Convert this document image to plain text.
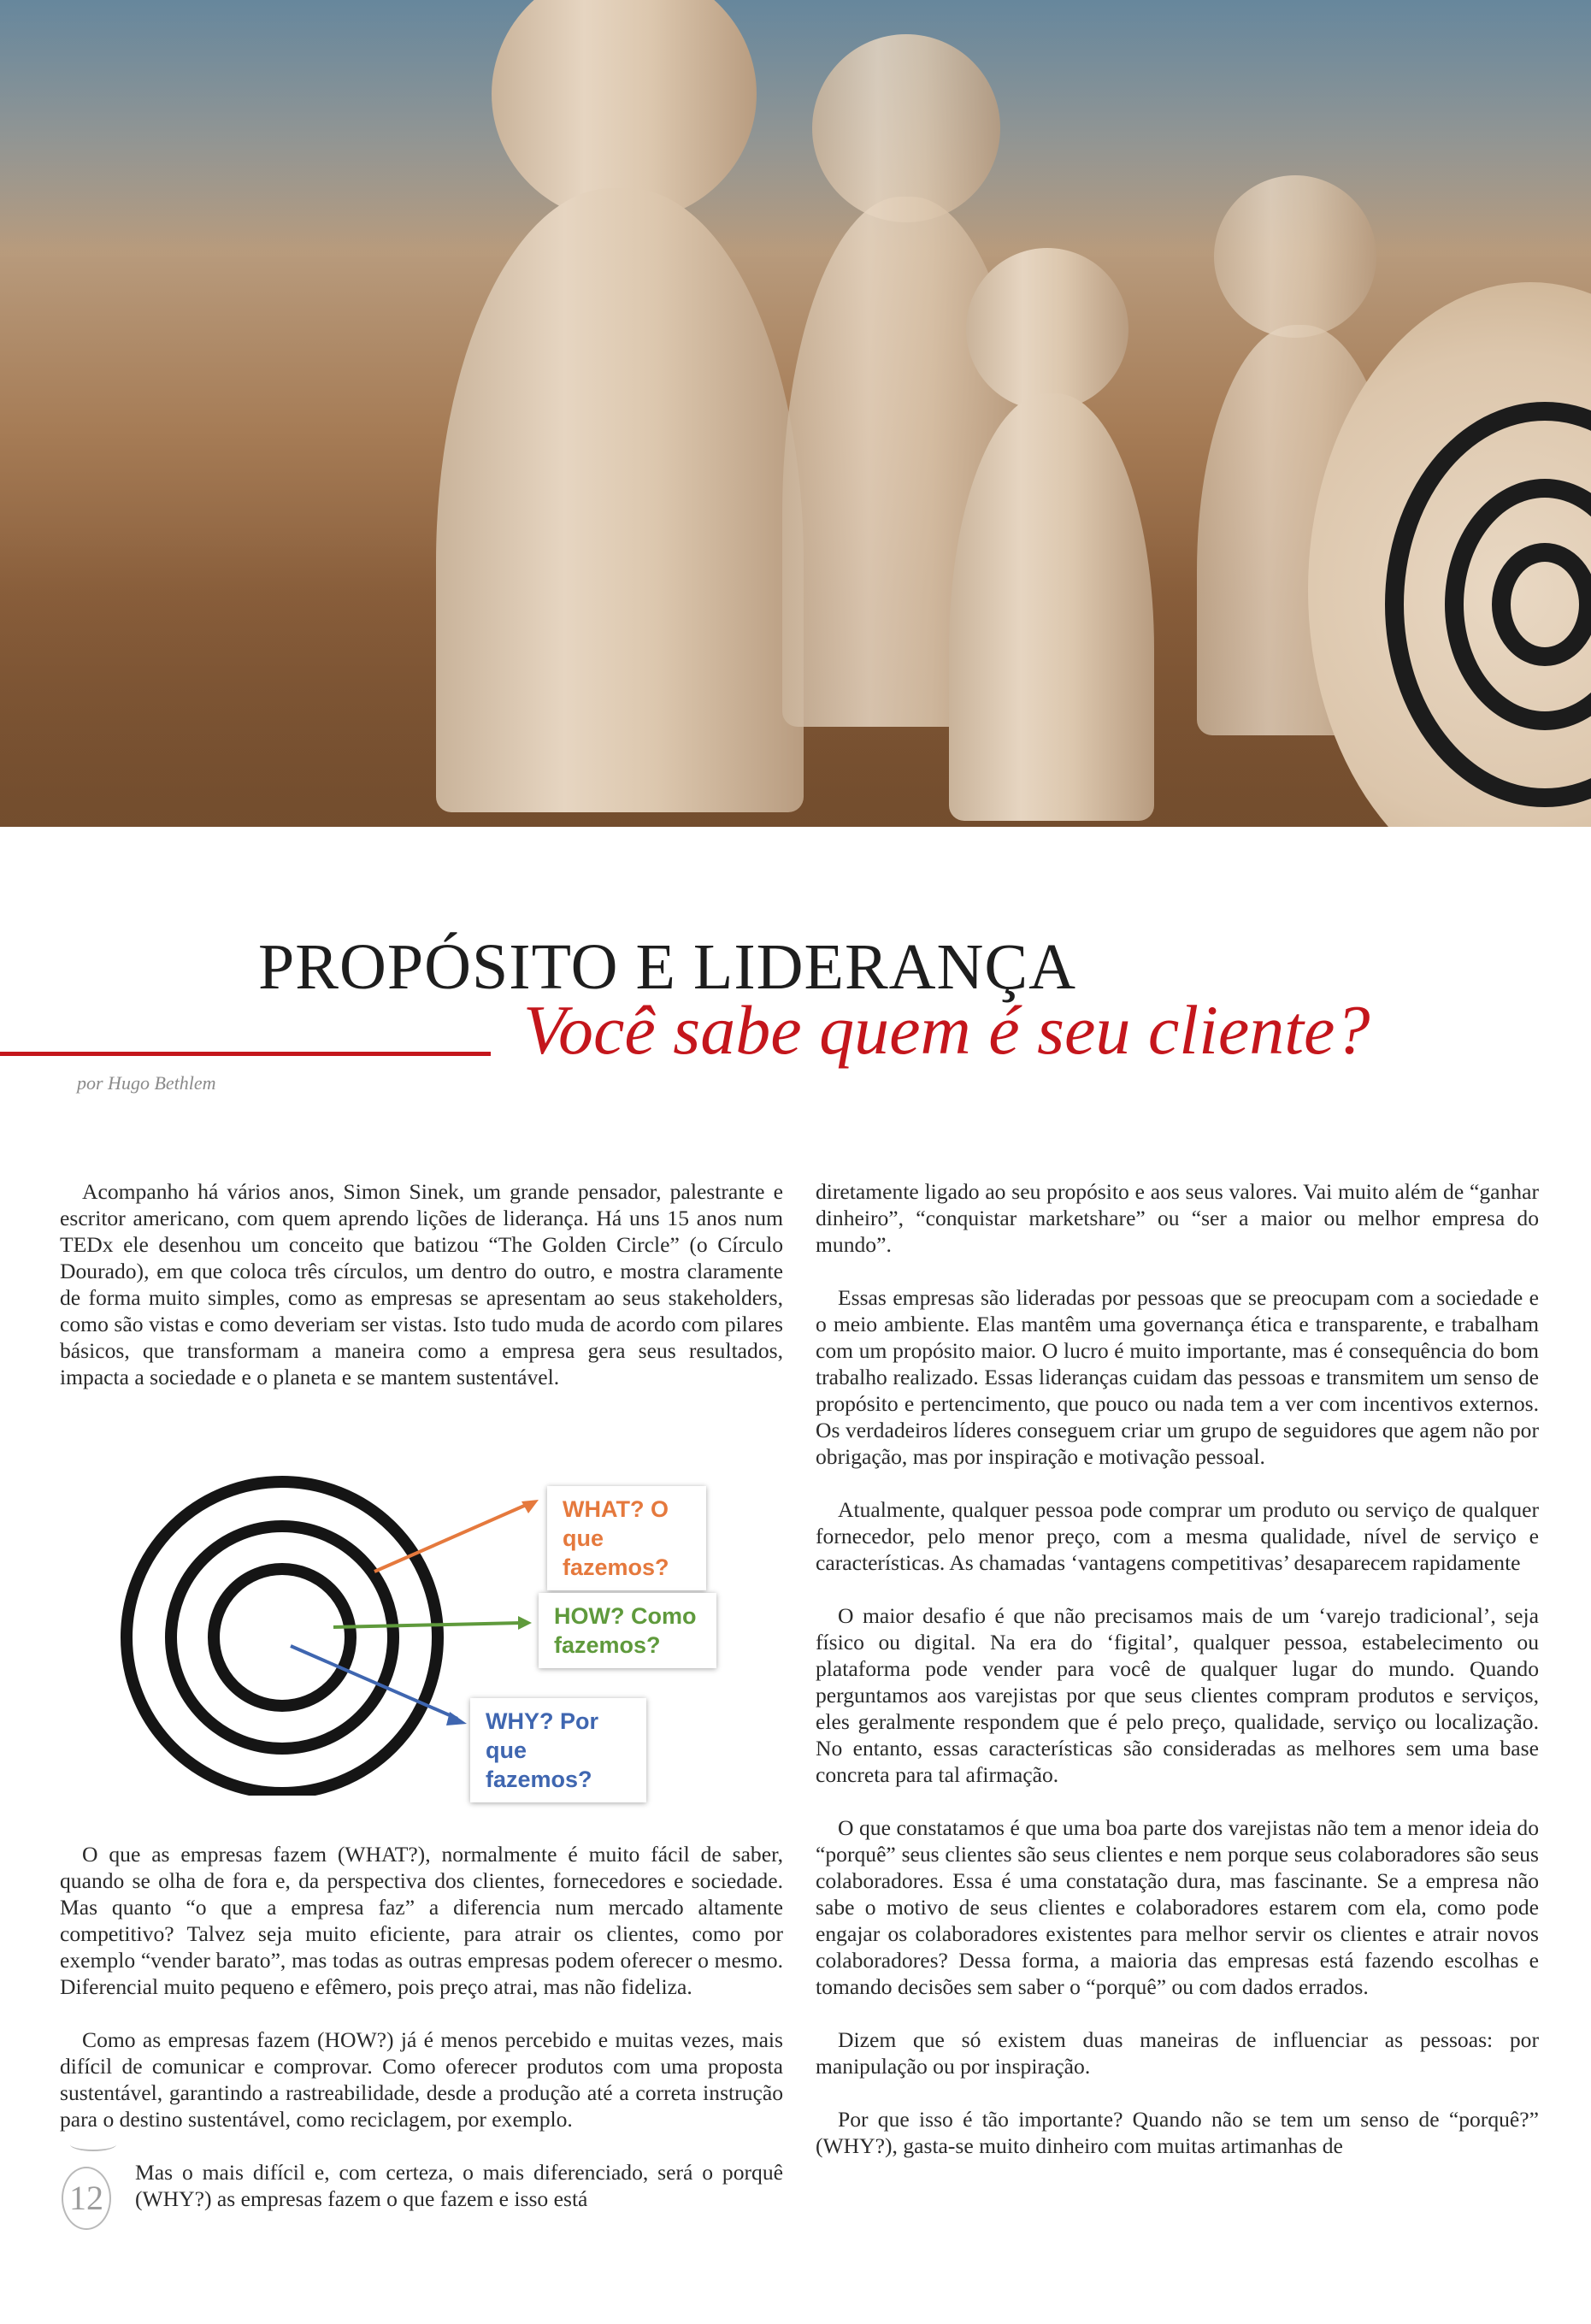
PROPÓSITO E LIDERANÇA
Você sabe quem é seu cliente?
por Hugo Bethlem

Acompanho há vários anos, Simon Sinek, um grande pensador, palestrante e escritor americano, com quem aprendo lições de liderança. Há uns 15 anos num TEDx ele desenhou um conceito que batizou “The Golden Circle” (o Círculo Dourado), em que coloca três círculos, um dentro do outro, e mostra claramente de forma muito simples, como as empresas se apresentam ao seus stakeholders, como são vistas e como deveriam ser vistas. Isto tudo muda de acordo com pilares básicos, que transformam a maneira como a empresa gera seus resultados, impacta a sociedade e o planeta e se mantem sustentável.

WHAT? O que fazemos?
HOW? Como fazemos?
WHY? Por que fazemos?

O que as empresas fazem (WHAT?), normalmente é muito fácil de saber, quando se olha de fora e, da perspectiva dos clientes, fornecedores e sociedade. Mas quanto “o que a empresa faz” a diferencia num mercado altamente competitivo? Talvez seja muito eficiente, para atrair os clientes, como por exemplo “vender barato”, mas todas as outras empresas podem oferecer o mesmo. Diferencial muito pequeno e efêmero, pois preço atrai, mas não fideliza.

Como as empresas fazem (HOW?) já é menos percebido e muitas vezes, mais difícil de comunicar e comprovar. Como oferecer produtos com uma proposta sustentável, garantindo a rastreabilidade, desde a produção até a correta instrução para o destino sustentável, como reciclagem, por exemplo.

Mas o mais difícil e, com certeza, o mais diferenciado, será o porquê (WHY?) as empresas fazem o que fazem e isso está

diretamente ligado ao seu propósito e aos seus valores. Vai muito além de “ganhar dinheiro”, “conquistar marketshare” ou “ser a maior ou melhor empresa do mundo”.

Essas empresas são lideradas por pessoas que se preocupam com a sociedade e o meio ambiente. Elas mantêm uma governança ética e transparente, e trabalham com um propósito maior. O lucro é muito importante, mas é consequência do bom trabalho realizado. Essas lideranças cuidam das pessoas e transmitem um senso de propósito e pertencimento, que pouco ou nada tem a ver com incentivos externos. Os verdadeiros líderes conseguem criar um grupo de seguidores que agem não por obrigação, mas por inspiração e motivação pessoal.

Atualmente, qualquer pessoa pode comprar um produto ou serviço de qualquer fornecedor, pelo menor preço, com a mesma qualidade, nível de serviço e características. As chamadas ‘vantagens competitivas’ desaparecem rapidamente

O maior desafio é que não precisamos mais de um ‘varejo tradicional’, seja físico ou digital. Na era do ‘figital’, qualquer pessoa, estabelecimento ou plataforma pode vender para você de qualquer lugar do mundo. Quando perguntamos aos varejistas por que seus clientes compram produtos e serviços, eles geralmente respondem que é pelo preço, qualidade, serviço ou localização. No entanto, essas características são consideradas as melhores sem uma base concreta para tal afirmação.

O que constatamos é que uma boa parte dos varejistas não tem a menor ideia do “porquê” seus clientes são seus clientes e nem porque seus colaboradores são seus colaboradores. Essa é uma constatação dura, mas fascinante. Se a empresa não sabe o motivo de seus clientes e colaboradores estarem com ela, como pode engajar os colaboradores existentes para melhor servir os clientes e atrair novos colaboradores? Dessa forma, a maioria das empresas está fazendo escolhas e tomando decisões sem saber o “porquê” ou com dados errados.

Dizem que só existem duas maneiras de influenciar as pessoas: por manipulação ou por inspiração.

Por que isso é tão importante? Quando não se tem um senso de “porquê?” (WHY?), gasta-se muito dinheiro com muitas artimanhas de

12
